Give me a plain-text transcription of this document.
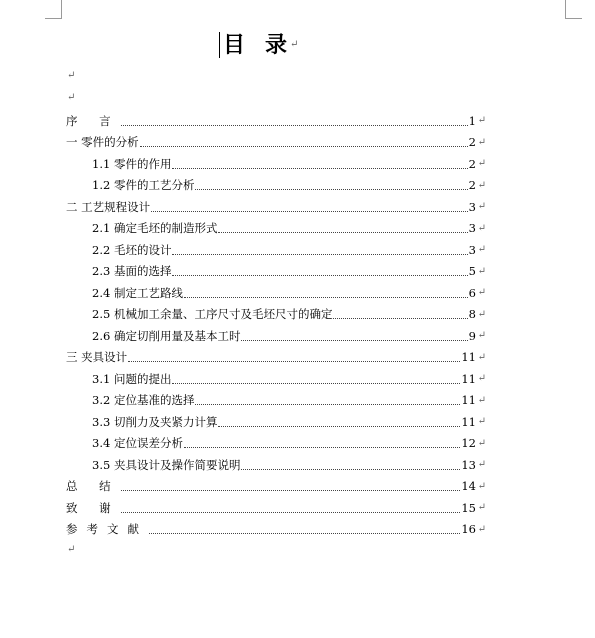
目 录 ↵
↵
↵
序 言	1 ↵
一 零件的分析	2 ↵
1.1 零件的作用	2 ↵
1.2 零件的工艺分析	2 ↵
二 工艺规程设计	3 ↵
2.1 确定毛坯的制造形式	3 ↵
2.2 毛坯的设计	3 ↵
2.3 基面的选择	5 ↵
2.4 制定工艺路线	6 ↵
2.5 机械加工余量、工序尺寸及毛坯尺寸的确定	8 ↵
2.6 确定切削用量及基本工时	9 ↵
三 夹具设计	11 ↵
3.1 问题的提出	11 ↵
3.2 定位基准的选择	11 ↵
3.3 切削力及夹紧力计算	11 ↵
3.4 定位误差分析	12 ↵
3.5 夹具设计及操作简要说明	13 ↵
总 结	14 ↵
致 谢	15 ↵
参考文献	16 ↵
↵
